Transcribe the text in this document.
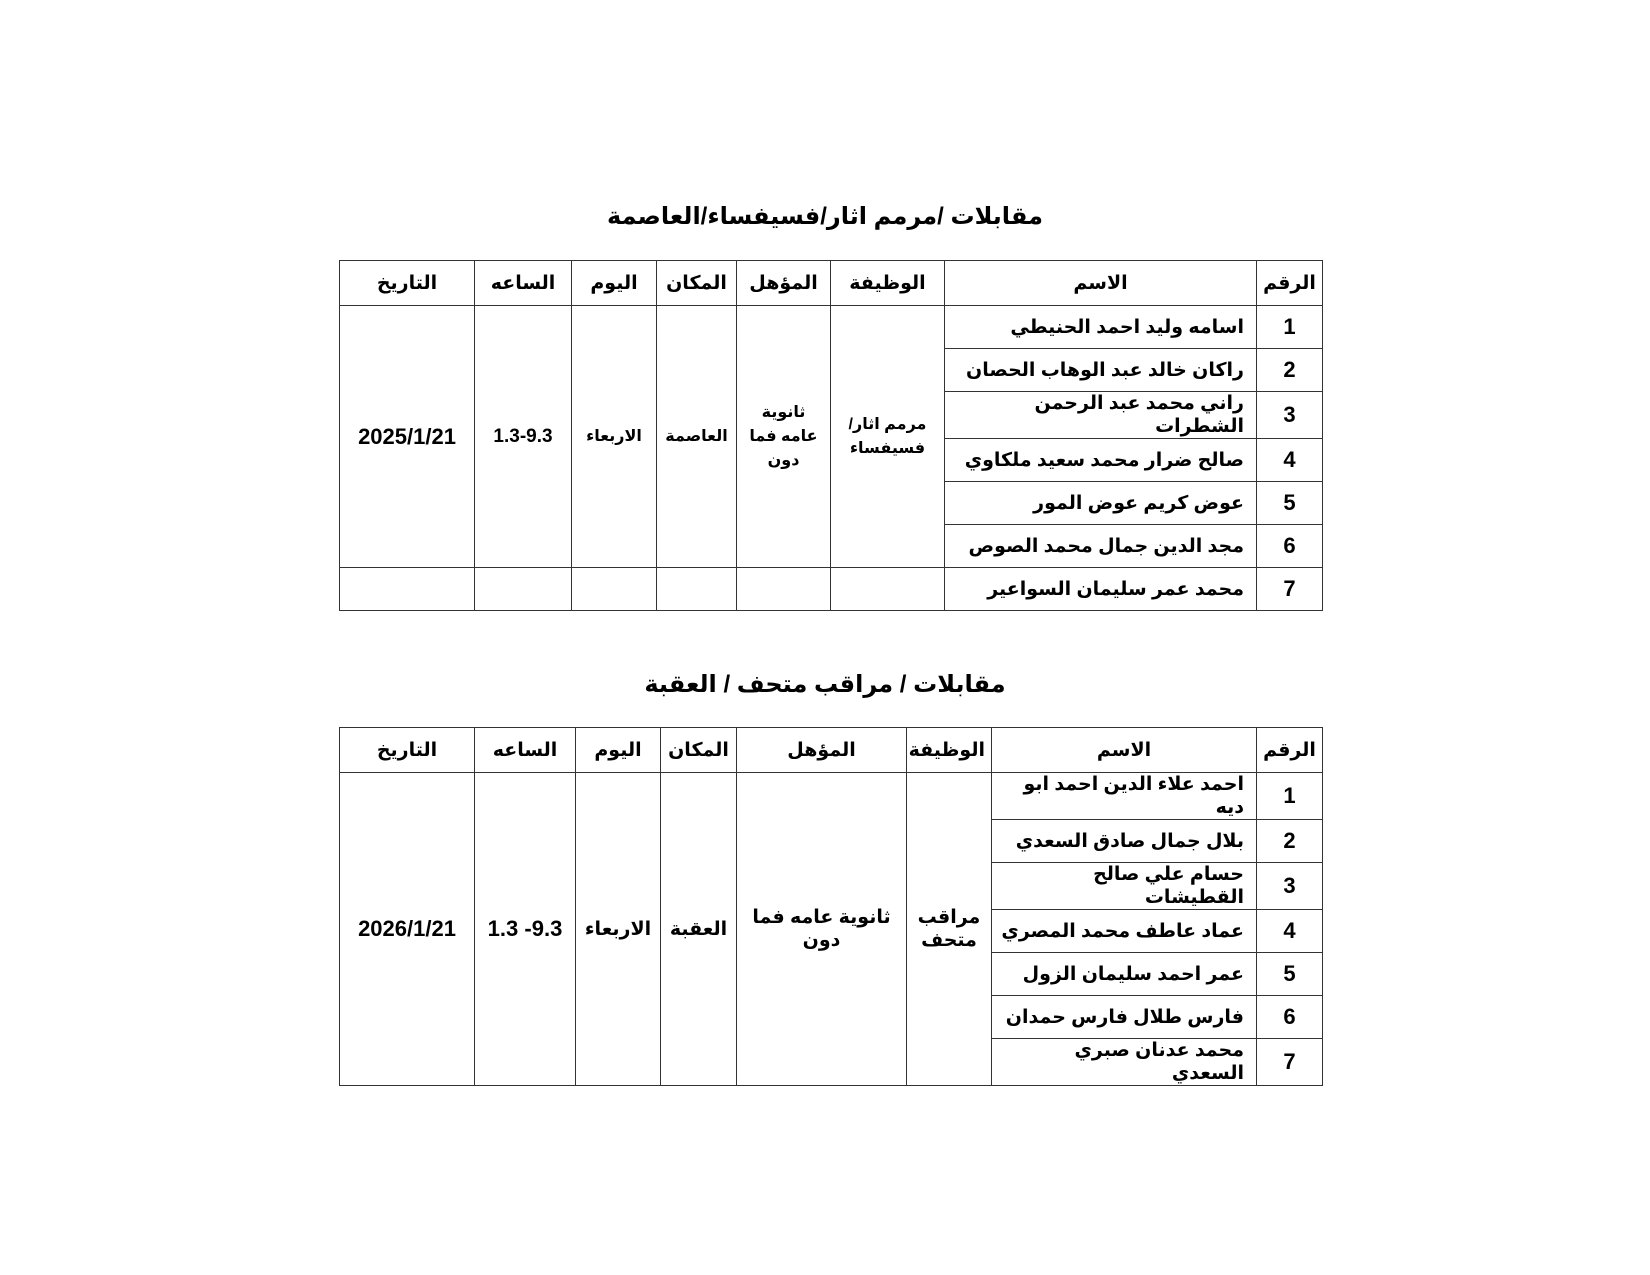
مقابلات /مرمم اثار/فسيفساء/العاصمة
الرقم	الاسم	الوظيفة	المؤهل	المكان	اليوم	الساعه	التاريخ
1	اسامه وليد احمد الحنيطي	مرمم اثار/فسيفساء	ثانوية عامه فما دون	العاصمة	الاربعاء	1.3-9.3	2025/1/21
2	راكان خالد عبد الوهاب الحصان						
3	راني محمد عبد الرحمن الشطرات						
4	صالح ضرار محمد سعيد ملكاوي						
5	عوض كريم عوض المور						
6	مجد الدين جمال محمد الصوص						
7	محمد عمر سليمان السواعير						
مقابلات / مراقب متحف / العقبة
الرقم	الاسم	الوظيفة	المؤهل	المكان	اليوم	الساعه	التاريخ
1	احمد علاء الدين احمد ابو ديه	مراقب متحف	ثانوية عامه فما دون	العقبة	الاربعاء	9.3- 1.3	2026/1/21
2	بلال جمال صادق السعدي						
3	حسام علي صالح القطيشات						
4	عماد عاطف محمد المصري						
5	عمر احمد سليمان الزول						
6	فارس طلال فارس حمدان						
7	محمد عدنان صبري السعدي						
